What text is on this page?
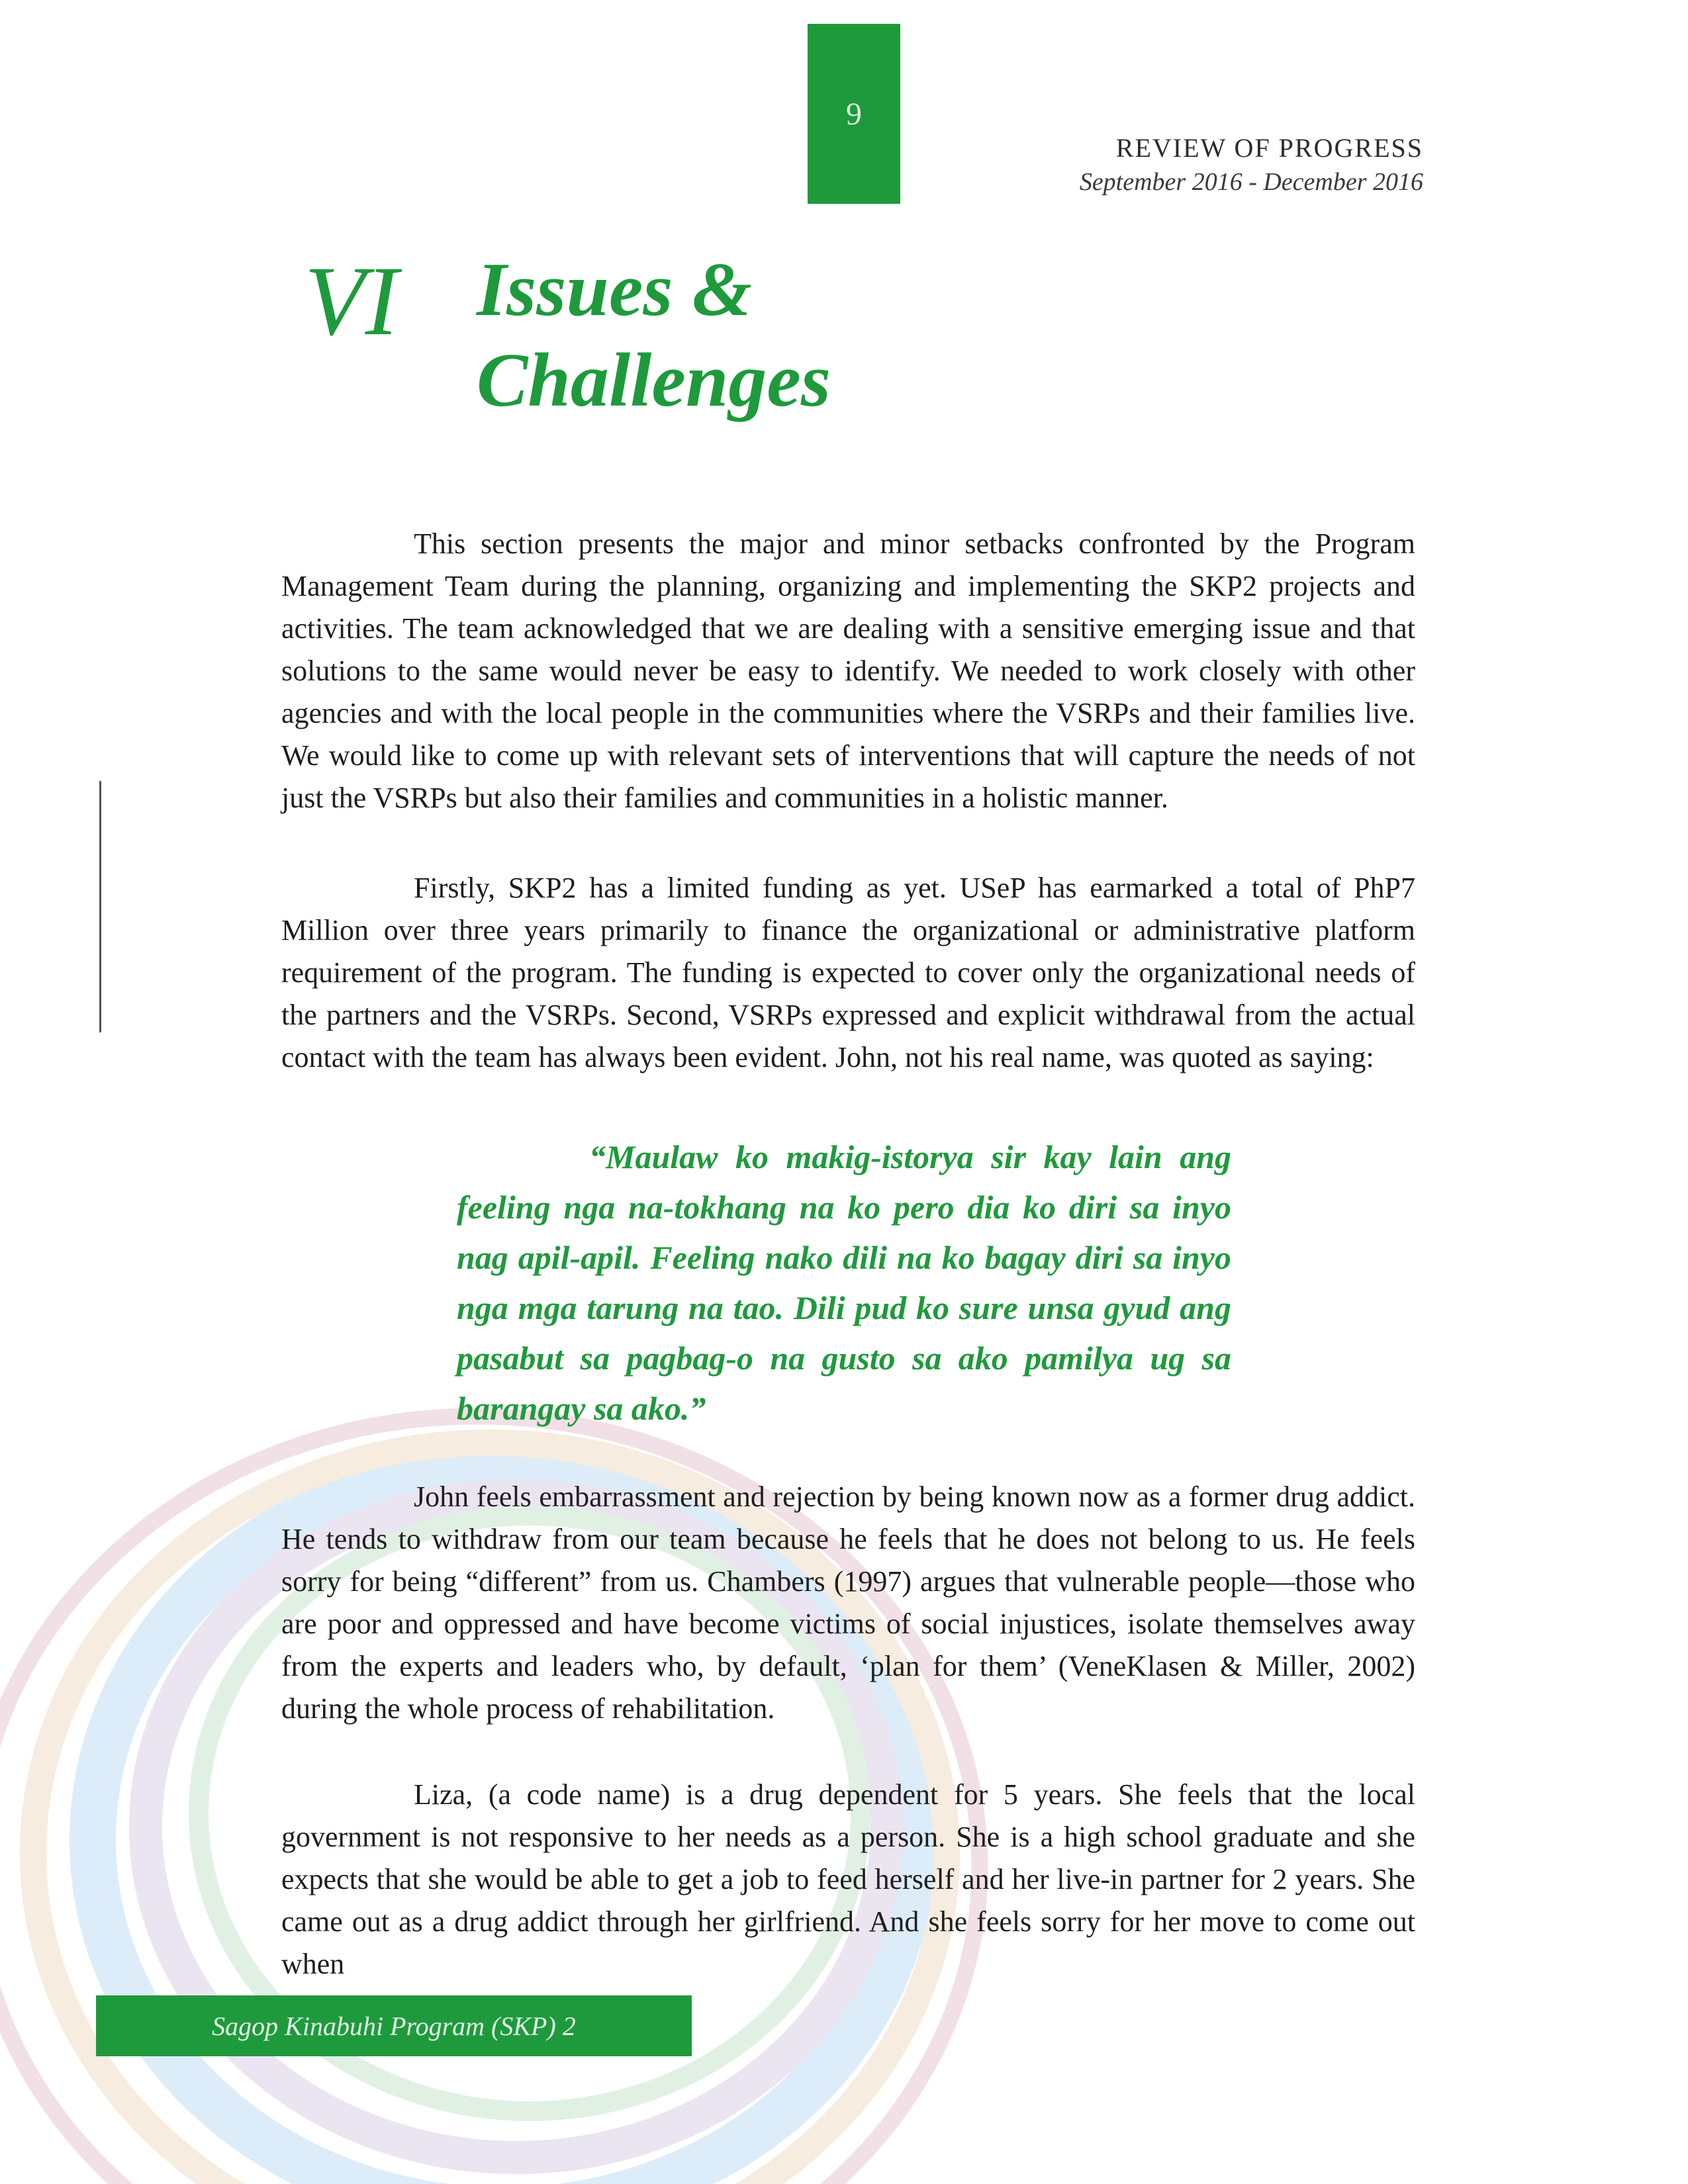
9
REVIEW OF PROGRESS
September 2016 - December 2016
VI Issues &
Challenges

This section presents the major and minor setbacks confronted by the Program Management Team during the planning, organizing and implementing the SKP2 projects and activities. The team acknowledged that we are dealing with a sensitive emerging issue and that solutions to the same would never be easy to identify. We needed to work closely with other agencies and with the local people in the communities where the VSRPs and their families live. We would like to come up with relevant sets of interventions that will capture the needs of not just the VSRPs but also their families and communities in a holistic manner.

Firstly, SKP2 has a limited funding as yet. USeP has earmarked a total of PhP7 Million over three years primarily to finance the organizational or administrative platform requirement of the program. The funding is expected to cover only the organizational needs of the partners and the VSRPs. Second, VSRPs expressed and explicit withdrawal from the actual contact with the team has always been evident. John, not his real name, was quoted as saying:

“Maulaw ko makig-istorya sir kay lain ang feeling nga na-tokhang na ko pero dia ko diri sa inyo nag apil-apil. Feeling nako dili na ko bagay diri sa inyo nga mga tarung na tao. Dili pud ko sure unsa gyud ang pasabut sa pagbag-o na gusto sa ako pamilya ug sa barangay sa ako.”

John feels embarrassment and rejection by being known now as a former drug addict. He tends to withdraw from our team because he feels that he does not belong to us. He feels sorry for being “different” from us. Chambers (1997) argues that vulnerable people—those who are poor and oppressed and have become victims of social injustices, isolate themselves away from the experts and leaders who, by default, ‘plan for them’ (VeneKlasen & Miller, 2002) during the whole process of rehabilitation.

Liza, (a code name) is a drug dependent for 5 years. She feels that the local government is not responsive to her needs as a person. She is a high school graduate and she expects that she would be able to get a job to feed herself and her live-in partner for 2 years. She came out as a drug addict through her girlfriend. And she feels sorry for her move to come out when

Sagop Kinabuhi Program (SKP) 2
